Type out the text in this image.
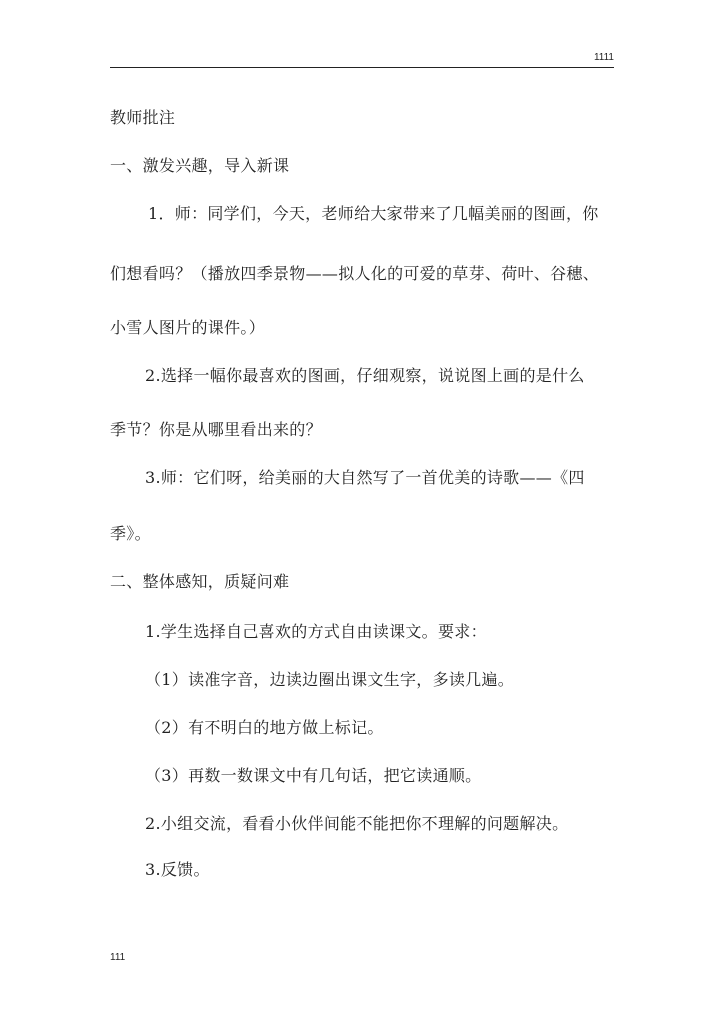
1111
教师批注
一、激发兴趣，导入新课
1．师：同学们，今天，老师给大家带来了几幅美丽的图画，你
们想看吗？（播放四季景物——拟人化的可爱的草芽、荷叶、谷穗、
小雪人图片的课件。）
2.选择一幅你最喜欢的图画，仔细观察，说说图上画的是什么
季节？你是从哪里看出来的？
3.师：它们呀，给美丽的大自然写了一首优美的诗歌——《四
季》。
二、整体感知，质疑问难
1.学生选择自己喜欢的方式自由读课文。要求：
（1）读准字音，边读边圈出课文生字，多读几遍。
（2）有不明白的地方做上标记。
（3）再数一数课文中有几句话，把它读通顺。
2.小组交流，看看小伙伴间能不能把你不理解的问题解决。
3.反馈。
111
